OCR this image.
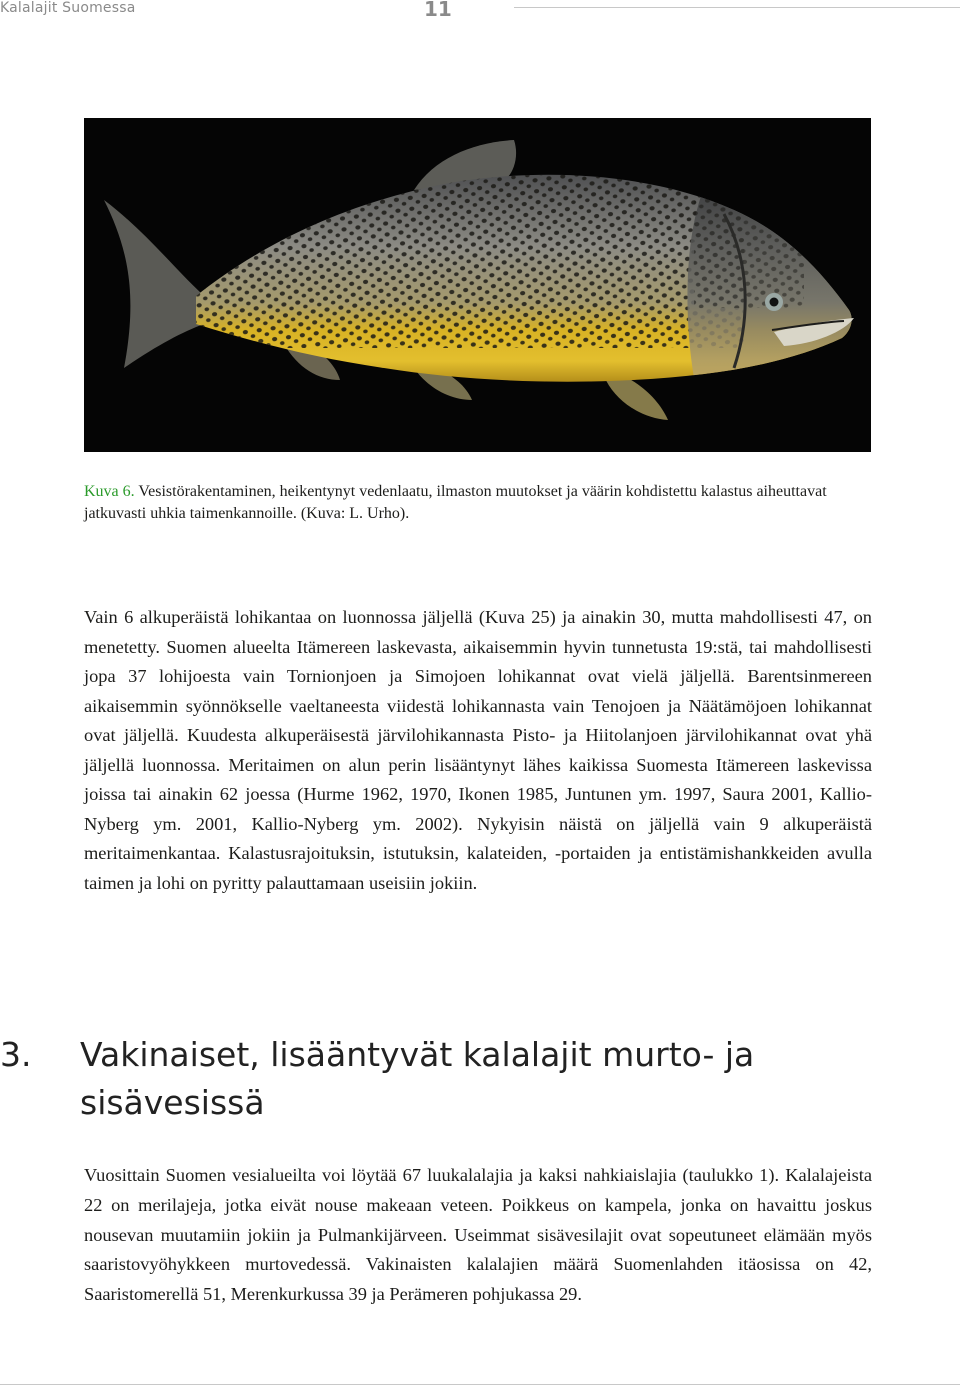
Kalalajit Suomessa	11
Kuva 6. Vesistörakentaminen, heikentynyt vedenlaatu, ilmaston muutokset ja väärin kohdistettu kalastus aiheuttavat jatkuvasti uhkia taimenkannoille. (Kuva: L. Urho).

Vain 6 alkuperäistä lohikantaa on luonnossa jäljellä (Kuva 25) ja ainakin 30, mutta mahdollisesti 47, on menetetty. Suomen alueelta Itämereen laskevasta, aikaisemmin hyvin tunnetusta 19:stä, tai mahdollisesti jopa 37 lohijoesta vain Tornionjoen ja Simojoen lohikannat ovat vielä jäljellä. Barentsinmereen aikaisemmin syönnökselle vaeltaneesta viidestä lohikannasta vain Tenojoen ja Näätämöjoen lohikannat ovat jäljellä. Kuudesta alkuperäisestä järvilohikannasta Pisto- ja Hiitolanjoen järvilohikannat ovat yhä jäljellä luonnossa. Meritaimen on alun perin lisääntynyt lähes kaikissa Suomesta Itämereen laskevissa joissa tai ainakin 62 joessa (Hurme 1962, 1970, Ikonen 1985, Juntunen ym. 1997, Saura 2001, Kallio-Nyberg ym. 2001, Kallio-Nyberg ym. 2002). Nykyisin näistä on jäljellä vain 9 alkuperäistä meritaimenkantaa. Kalastusrajoituksin, istutuksin, kalateiden, -portaiden ja entistämishankkeiden avulla taimen ja lohi on pyritty palauttamaan useisiin jokiin.

3. Vakinaiset, lisääntyvät kalalajit murto- ja sisävesissä

Vuosittain Suomen vesialueilta voi löytää 67 luukalalajia ja kaksi nahkiaislajia (taulukko 1). Kalalajeista 22 on merilajeja, jotka eivät nouse makeaan veteen. Poikkeus on kampela, jonka on havaittu joskus nousevan muutamiin jokiin ja Pulmankijärveen. Useimmat sisävesilajit ovat sopeutuneet elämään myös saaristovyöhykkeen murtovedessä. Vakinaisten kalalajien määrä Suomenlahden itäosissa on 42, Saaristomerellä 51, Merenkurkussa 39 ja Perämeren pohjukassa 29.
